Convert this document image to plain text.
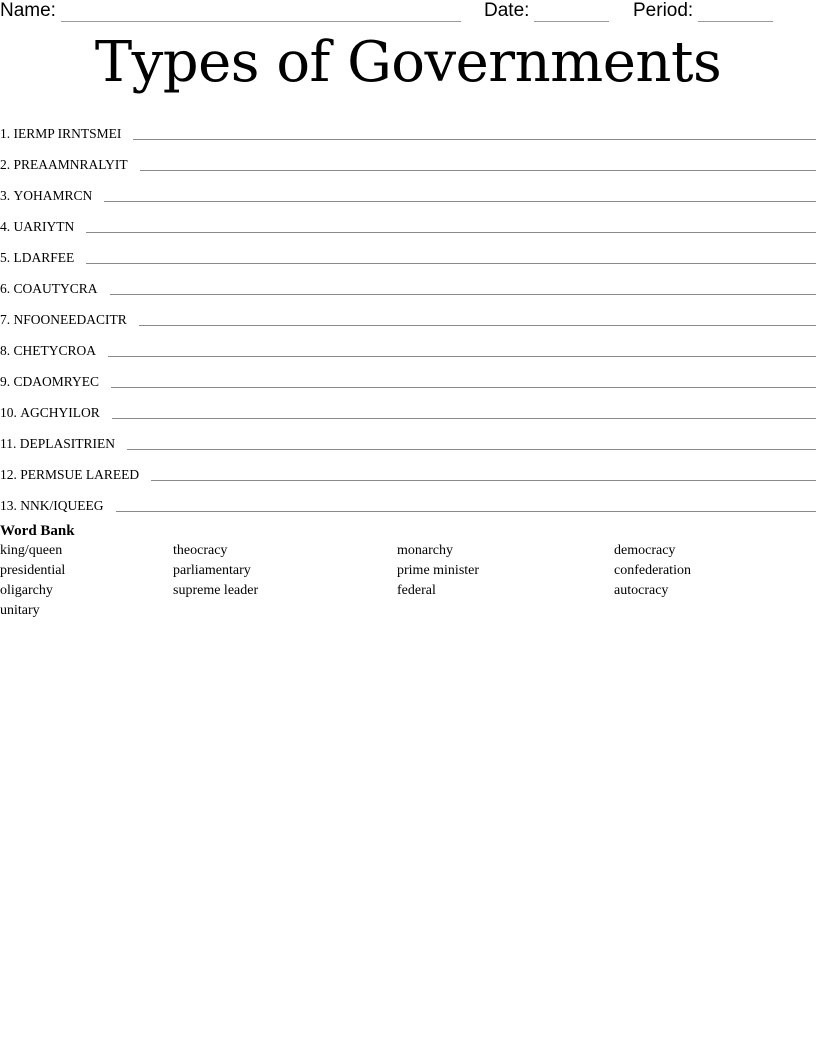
Name:	Date:	Period:
Types of Governments
1.
IERMP IRNTSMEI
2.
PREAAMNRALYIT
3.
YOHAMRCN
4.
UARIYTN
5.
LDARFEE
6.
COAUTYCRA
7.
NFOONEEDACITR
8.
CHETYCROA
9.
CDAOMRYEC
10.
AGCHYILOR
11.
DEPLASITRIEN
12.
PERMSUE LAREED
13.
NNK/IQUEEG
Word Bank
king/queen	theocracy	monarchy	democracy
presidential	parliamentary	prime minister	confederation
oligarchy	supreme leader	federal	autocracy
unitary
